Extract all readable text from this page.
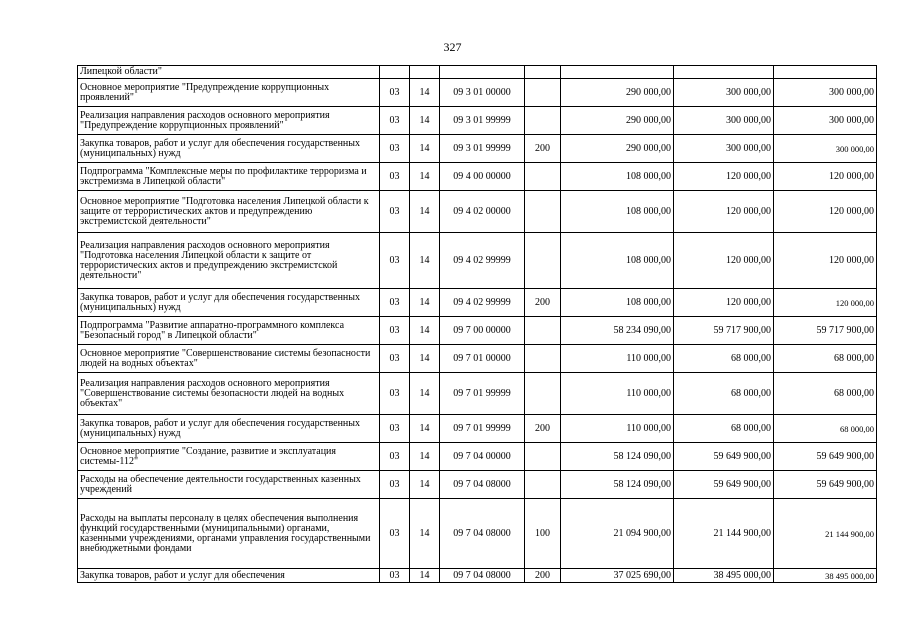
327
Липецкой области"							
Основное мероприятие "Предупреждение коррупционных проявлений"	03	14	09 3 01 00000		290 000,00	300 000,00	300 000,00
Реализация направления расходов основного мероприятия "Предупреждение коррупционных проявлений"	03	14	09 3 01 99999		290 000,00	300 000,00	300 000,00
Закупка товаров, работ и услуг для обеспечения государственных (муниципальных) нужд	03	14	09 3 01 99999	200	290 000,00	300 000,00	300 000,00
Подпрограмма "Комплексные меры по профилактике терроризма и экстремизма в Липецкой области"	03	14	09 4 00 00000		108 000,00	120 000,00	120 000,00
Основное мероприятие "Подготовка населения Липецкой области к защите от террористических актов и предупреждению экстремистской деятельности"	03	14	09 4 02 00000		108 000,00	120 000,00	120 000,00
Реализация направления расходов основного мероприятия "Подготовка населения Липецкой области к защите от террористических актов и предупреждению экстремистской деятельности"	03	14	09 4 02 99999		108 000,00	120 000,00	120 000,00
Закупка товаров, работ и услуг для обеспечения государственных (муниципальных) нужд	03	14	09 4 02 99999	200	108 000,00	120 000,00	120 000,00
Подпрограмма "Развитие аппаратно-программного комплекса "Безопасный город" в Липецкой области"	03	14	09 7 00 00000		58 234 090,00	59 717 900,00	59 717 900,00
Основное мероприятие "Совершенствование системы безопасности людей на водных объектах"	03	14	09 7 01 00000		110 000,00	68 000,00	68 000,00
Реализация направления расходов основного мероприятия "Совершенствование системы безопасности людей на водных объектах"	03	14	09 7 01 99999		110 000,00	68 000,00	68 000,00
Закупка товаров, работ и услуг для обеспечения государственных (муниципальных) нужд	03	14	09 7 01 99999	200	110 000,00	68 000,00	68 000,00
Основное мероприятие "Создание, развитие и эксплуатация системы-112"	03	14	09 7 04 00000		58 124 090,00	59 649 900,00	59 649 900,00
Расходы на обеспечение деятельности государственных казенных учреждений	03	14	09 7 04 08000		58 124 090,00	59 649 900,00	59 649 900,00
Расходы на выплаты персоналу в целях обеспечения выполнения функций государственными (муниципальными) органами, казенными учреждениями, органами управления государственными внебюджетными фондами	03	14	09 7 04 08000	100	21 094 900,00	21 144 900,00	21 144 900,00
Закупка товаров, работ и услуг для обеспечения	03	14	09 7 04 08000	200	37 025 690,00	38 495 000,00	38 495 000,00
